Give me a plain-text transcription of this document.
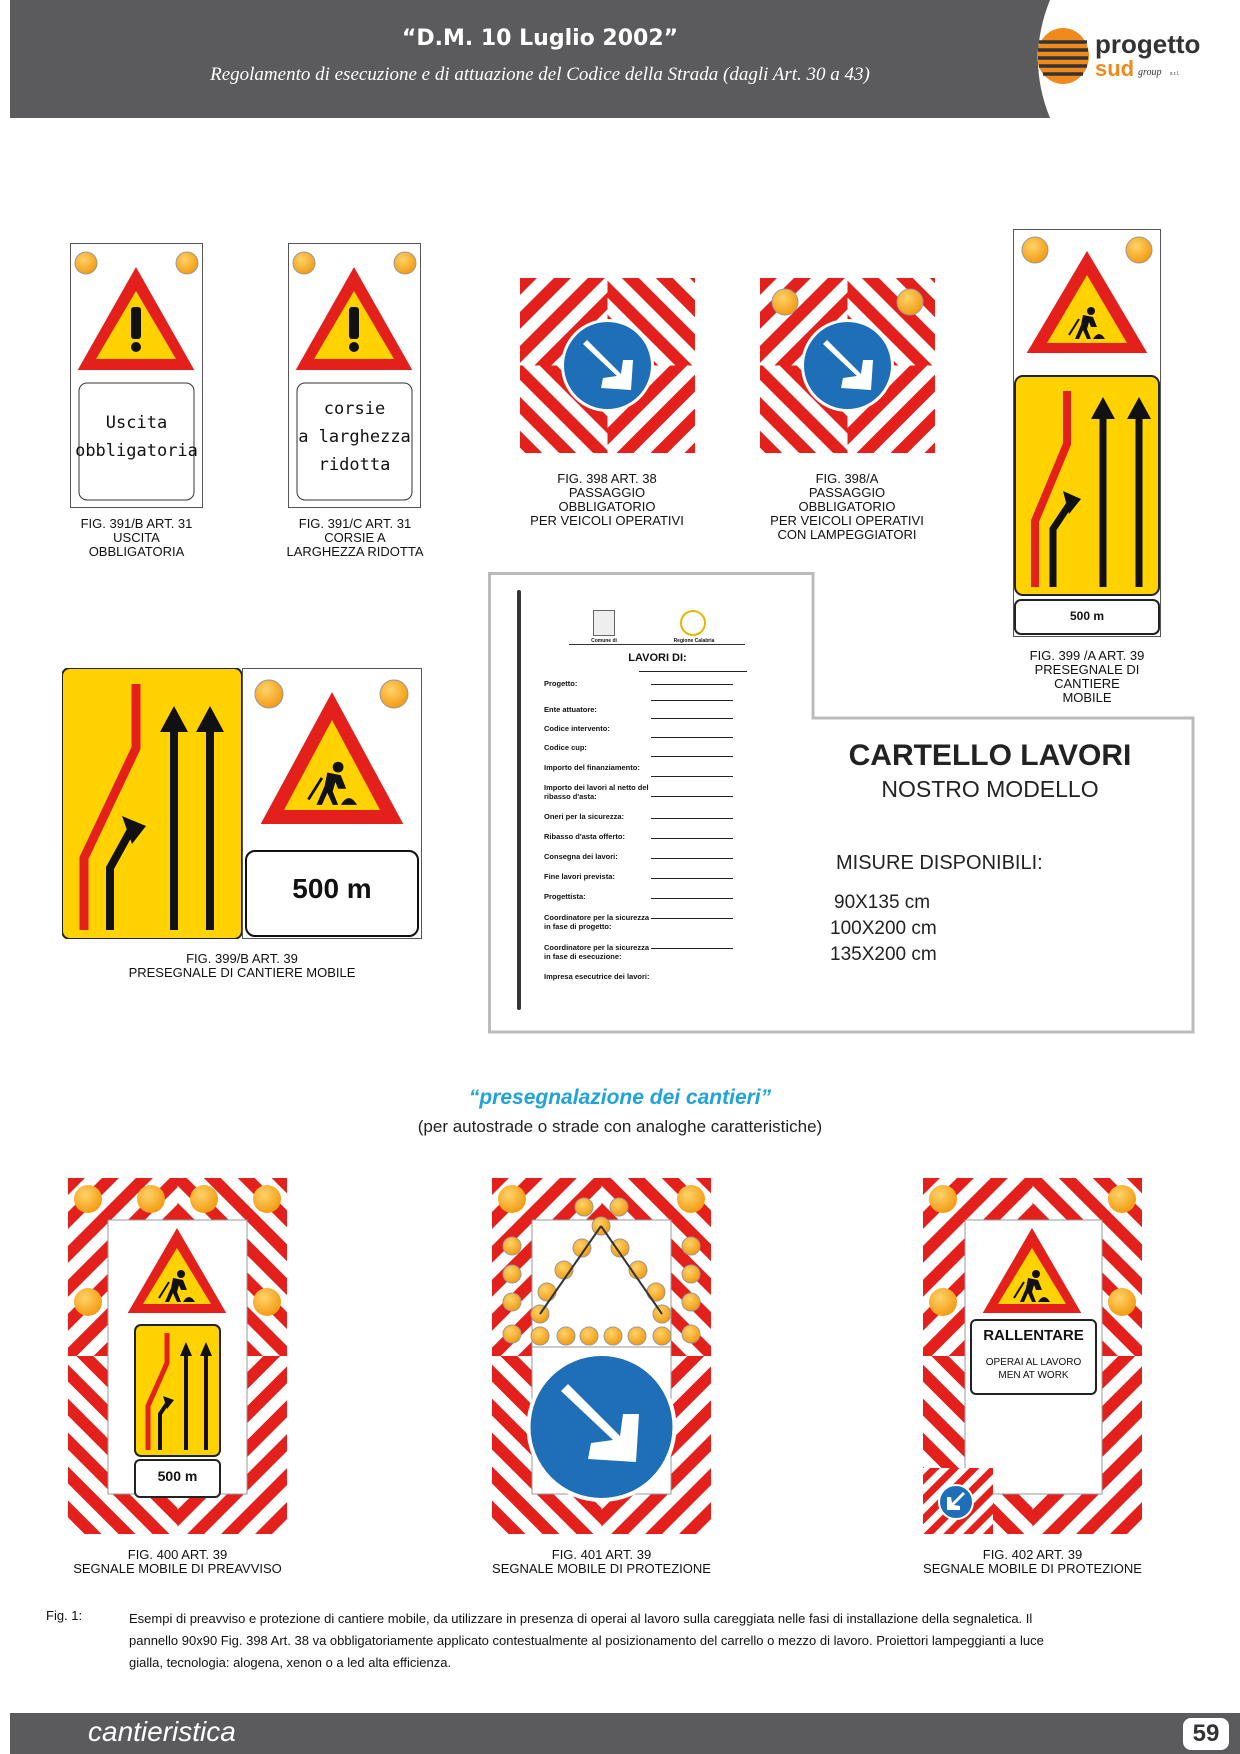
“D.M. 10 Luglio 2002”
Regolamento di esecuzione e di attuazione del Codice della Strada (dagli Art. 30 a 43)
progetto
sud group s.r.l.
Uscita
obbligatoria
FIG. 391/B ART. 31
USCITA
OBBLIGATORIA
corsie
a larghezza
ridotta
FIG. 391/C ART. 31
CORSIE A
LARGHEZZA RIDOTTA
FIG. 398 ART. 38
PASSAGGIO
OBBLIGATORIO
PER VEICOLI OPERATIVI
FIG. 398/A
PASSAGGIO
OBBLIGATORIO
PER VEICOLI OPERATIVI
CON LAMPEGGIATORI
500 m
FIG. 399 /A ART. 39
PRESEGNALE DI
CANTIERE
MOBILE
500 m
FIG. 399/B ART. 39
PRESEGNALE DI CANTIERE MOBILE
Comune di	Regione Calabria
LAVORI DI:
Progetto:
Ente attuatore:
Codice intervento:
Codice cup:
Importo del finanziamento:
Importo dei lavori al netto del ribasso d'asta:
Oneri per la sicurezza:
Ribasso d'asta offerto:
Consegna dei lavori:
Fine lavori prevista:
Progettista:
Coordinatore per la sicurezza in fase di progetto:
Coordinatore per la sicurezza in fase di esecuzione:
Impresa esecutrice dei lavori:
CARTELLO LAVORI
NOSTRO MODELLO
MISURE DISPONIBILI:
90X135 cm
100X200 cm
135X200 cm
“presegnalazione dei cantieri”
(per autostrade o strade con analoghe caratteristiche)
500 m
FIG. 400 ART. 39
SEGNALE MOBILE DI PREAVVISO
FIG. 401 ART. 39
SEGNALE MOBILE DI PROTEZIONE
RALLENTARE
OPERAI AL LAVORO
MEN AT WORK
FIG. 402 ART. 39
SEGNALE MOBILE DI PROTEZIONE
Fig. 1:	Esempi di preavviso e protezione di cantiere mobile, da utilizzare in presenza di operai al lavoro sulla careggiata nelle fasi di installazione della segnaletica. Il
pannello 90x90 Fig. 398 Art. 38 va obbligatoriamente applicato contestualmente al posizionamento del carrello o mezzo di lavoro. Proiettori lampeggianti a luce
gialla, tecnologia: alogena, xenon o a led alta efficienza.
cantieristica	59
